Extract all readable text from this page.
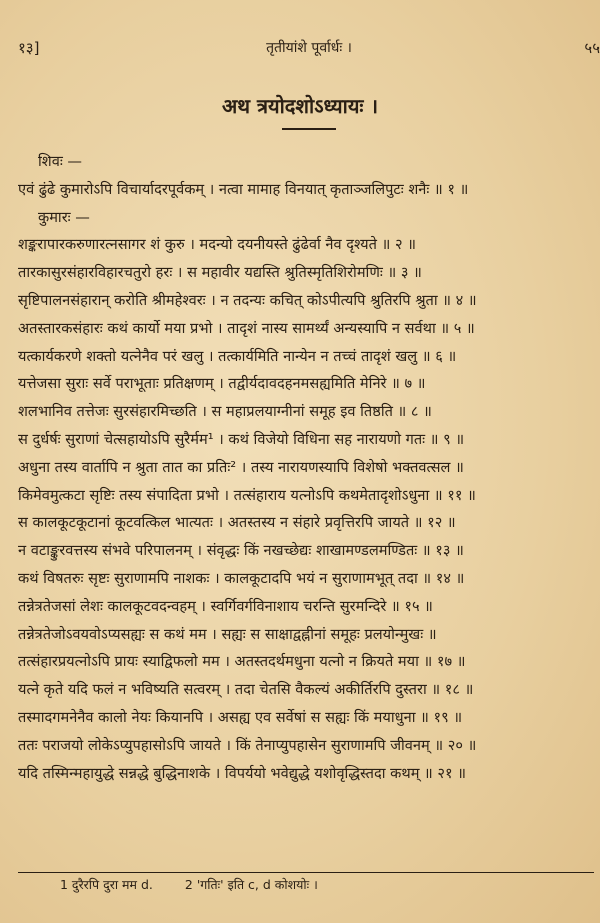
१३]	तृतीयांशे पूर्वार्धः ।	५५
अथ त्रयोदशोऽध्यायः ।
शिवः —
एवं ढुंढे कुमारोऽपि विचार्यादरपूर्वकम् । नत्वा मामाह विनयात् कृताञ्जलिपुटः शनैः ॥ १ ॥
कुमारः —
शङ्करापारकरुणारत्नसागर शं कुरु । मदन्यो दयनीयस्ते ढुंढेर्वा नैव दृश्यते ॥ २ ॥
तारकासुरसंहारविहारचतुरो हरः । स महावीर यद्यस्ति श्रुतिस्मृतिशिरोमणिः ॥ ३ ॥
सृष्टिपालनसंहारान् करोति श्रीमहेश्वरः । न तदन्यः कचित् कोऽपीत्यपि श्रुतिरपि श्रुता ॥ ४ ॥
अतस्तारकसंहारः कथं कार्यो मया प्रभो । तादृशं नास्य सामर्थ्यं अन्यस्यापि न सर्वथा ॥ ५ ॥
यत्कार्यकरणे शक्तो यत्नेनैव परं खलु । तत्कार्यमिति नान्येन न तच्चं तादृशं खलु ॥ ६ ॥
यत्तेजसा सुराः सर्वे पराभूताः प्रतिक्षणम् । तद्वीर्यदावदहनमसह्यमिति मेनिरे ॥ ७ ॥
शलभानिव तत्तेजः सुरसंहारमिच्छति । स महाप्रलयाग्नीनां समूह इव तिष्ठति ॥ ८ ॥
स दुर्धर्षः सुराणां चेत्सहायोऽपि सुरैर्मम¹ । कथं विजेयो विधिना सह नारायणो गतः ॥ ९ ॥
अधुना तस्य वार्तापि न श्रुता तात का प्रतिः² । तस्य नारायणस्यापि विशेषो भक्तवत्सल ॥
किमेवमुत्कटा सृष्टिः तस्य संपादिता प्रभो । तत्संहाराय यत्नोऽपि कथमेतादृशोऽधुना ॥ ११ ॥
स कालकूटकूटानां कूटवत्किल भात्यतः । अतस्तस्य न संहारे प्रवृत्तिरपि जायते ॥ १२ ॥
न वटाङ्कुरवत्तस्य संभवे परिपालनम् । संवृद्धः किं नखच्छेद्यः शाखामण्डलमण्डितः ॥ १३ ॥
कथं विषतरुः सृष्टः सुराणामपि नाशकः । कालकूटादपि भयं न सुराणामभूत् तदा ॥ १४ ॥
तन्नेत्रतेजसां लेशः कालकूटवदन्वहम् । स्वर्गिवर्गविनाशाय चरन्ति सुरमन्दिरे ॥ १५ ॥
तन्नेत्रतेजोऽवयवोऽप्यसह्यः स कथं मम । सह्यः स साक्षाद्वह्नीनां समूहः प्रलयोन्मुखः ॥
तत्संहारप्रयत्नोऽपि प्रायः स्याद्विफलो मम । अतस्तदर्थमधुना यत्नो न क्रियते मया ॥ १७ ॥
यत्ने कृते यदि फलं न भविष्यति सत्वरम् । तदा चेतसि वैकल्यं अकीर्तिरपि दुस्तरा ॥ १८ ॥
तस्मादगमनेनैव कालो नेयः कियानपि । असह्य एव सर्वेषां स सह्यः किं मयाधुना ॥ १९ ॥
ततः पराजयो लोकेऽप्युपहासोऽपि जायते । किं तेनाप्युपहासेन सुराणामपि जीवनम् ॥ २० ॥
यदि तस्मिन्महायुद्धे सन्नद्धे बुद्धिनाशके । विपर्ययो भवेद्युद्धे यशोवृद्धिस्तदा कथम् ॥ २१ ॥
1 दुरैरपि दुरा मम d.	2 'गतिः' इति c, d कोशयोः ।
